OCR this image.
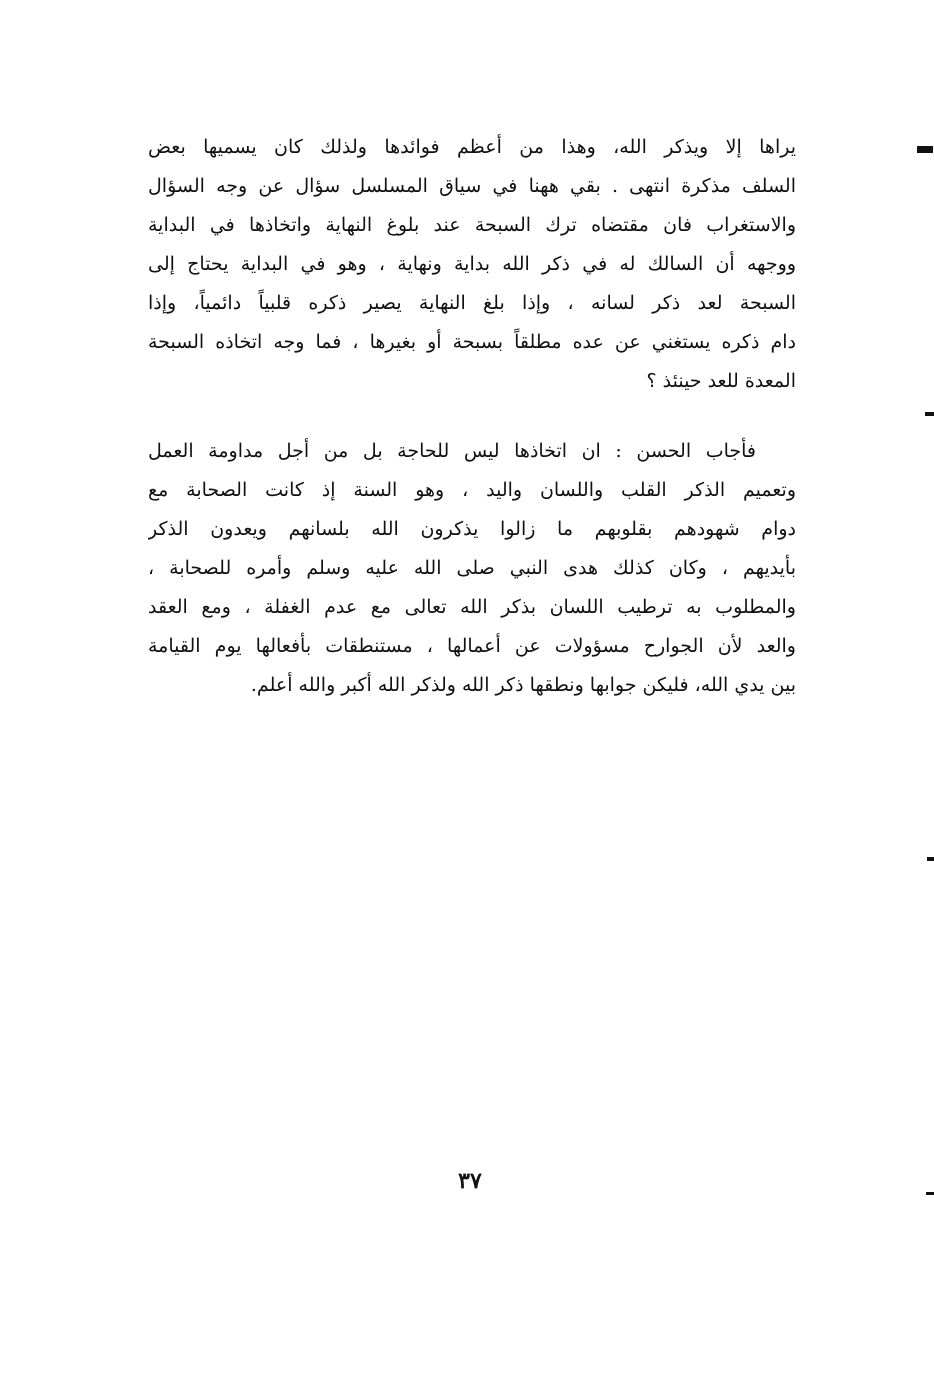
يراها إلا ويذكر الله، وهذا من أعظم فوائدها ولذلك كان يسميها بعض
السلف مذكرة انتهى . بقي ههنا في سياق المسلسل سؤال عن وجه السؤال
والاستغراب فان مقتضاه ترك السبحة عند بلوغ النهاية واتخاذها في البداية
ووجهه أن السالك له في ذكر الله بداية ونهاية ، وهو في البداية يحتاج إلى
السبحة لعد ذكر لسانه ، وإذا بلغ النهاية يصير ذكره قلبياً دائمياً، وإذا
دام ذكره يستغني عن عده مطلقاً بسبحة أو بغيرها ، فما وجه اتخاذه السبحة
المعدة للعد حينئذ ؟
فأجاب الحسن : ان اتخاذها ليس للحاجة بل من أجل مداومة العمل
وتعميم الذكر القلب واللسان واليد ، وهو السنة إذ كانت الصحابة مع
دوام شهودهم بقلوبهم ما زالوا يذكرون الله بلسانهم ويعدون الذكر
بأيديهم ، وكان كذلك هدى النبي صلى الله عليه وسلم وأمره للصحابة ،
والمطلوب به ترطيب اللسان بذكر الله تعالى مع عدم الغفلة ، ومع العقد
والعد لأن الجوارح مسؤولات عن أعمالها ، مستنطقات بأفعالها يوم القيامة
بين يدي الله، فليكن جوابها ونطقها ذكر الله ولذكر الله أكبر والله أعلم.
٣٧
